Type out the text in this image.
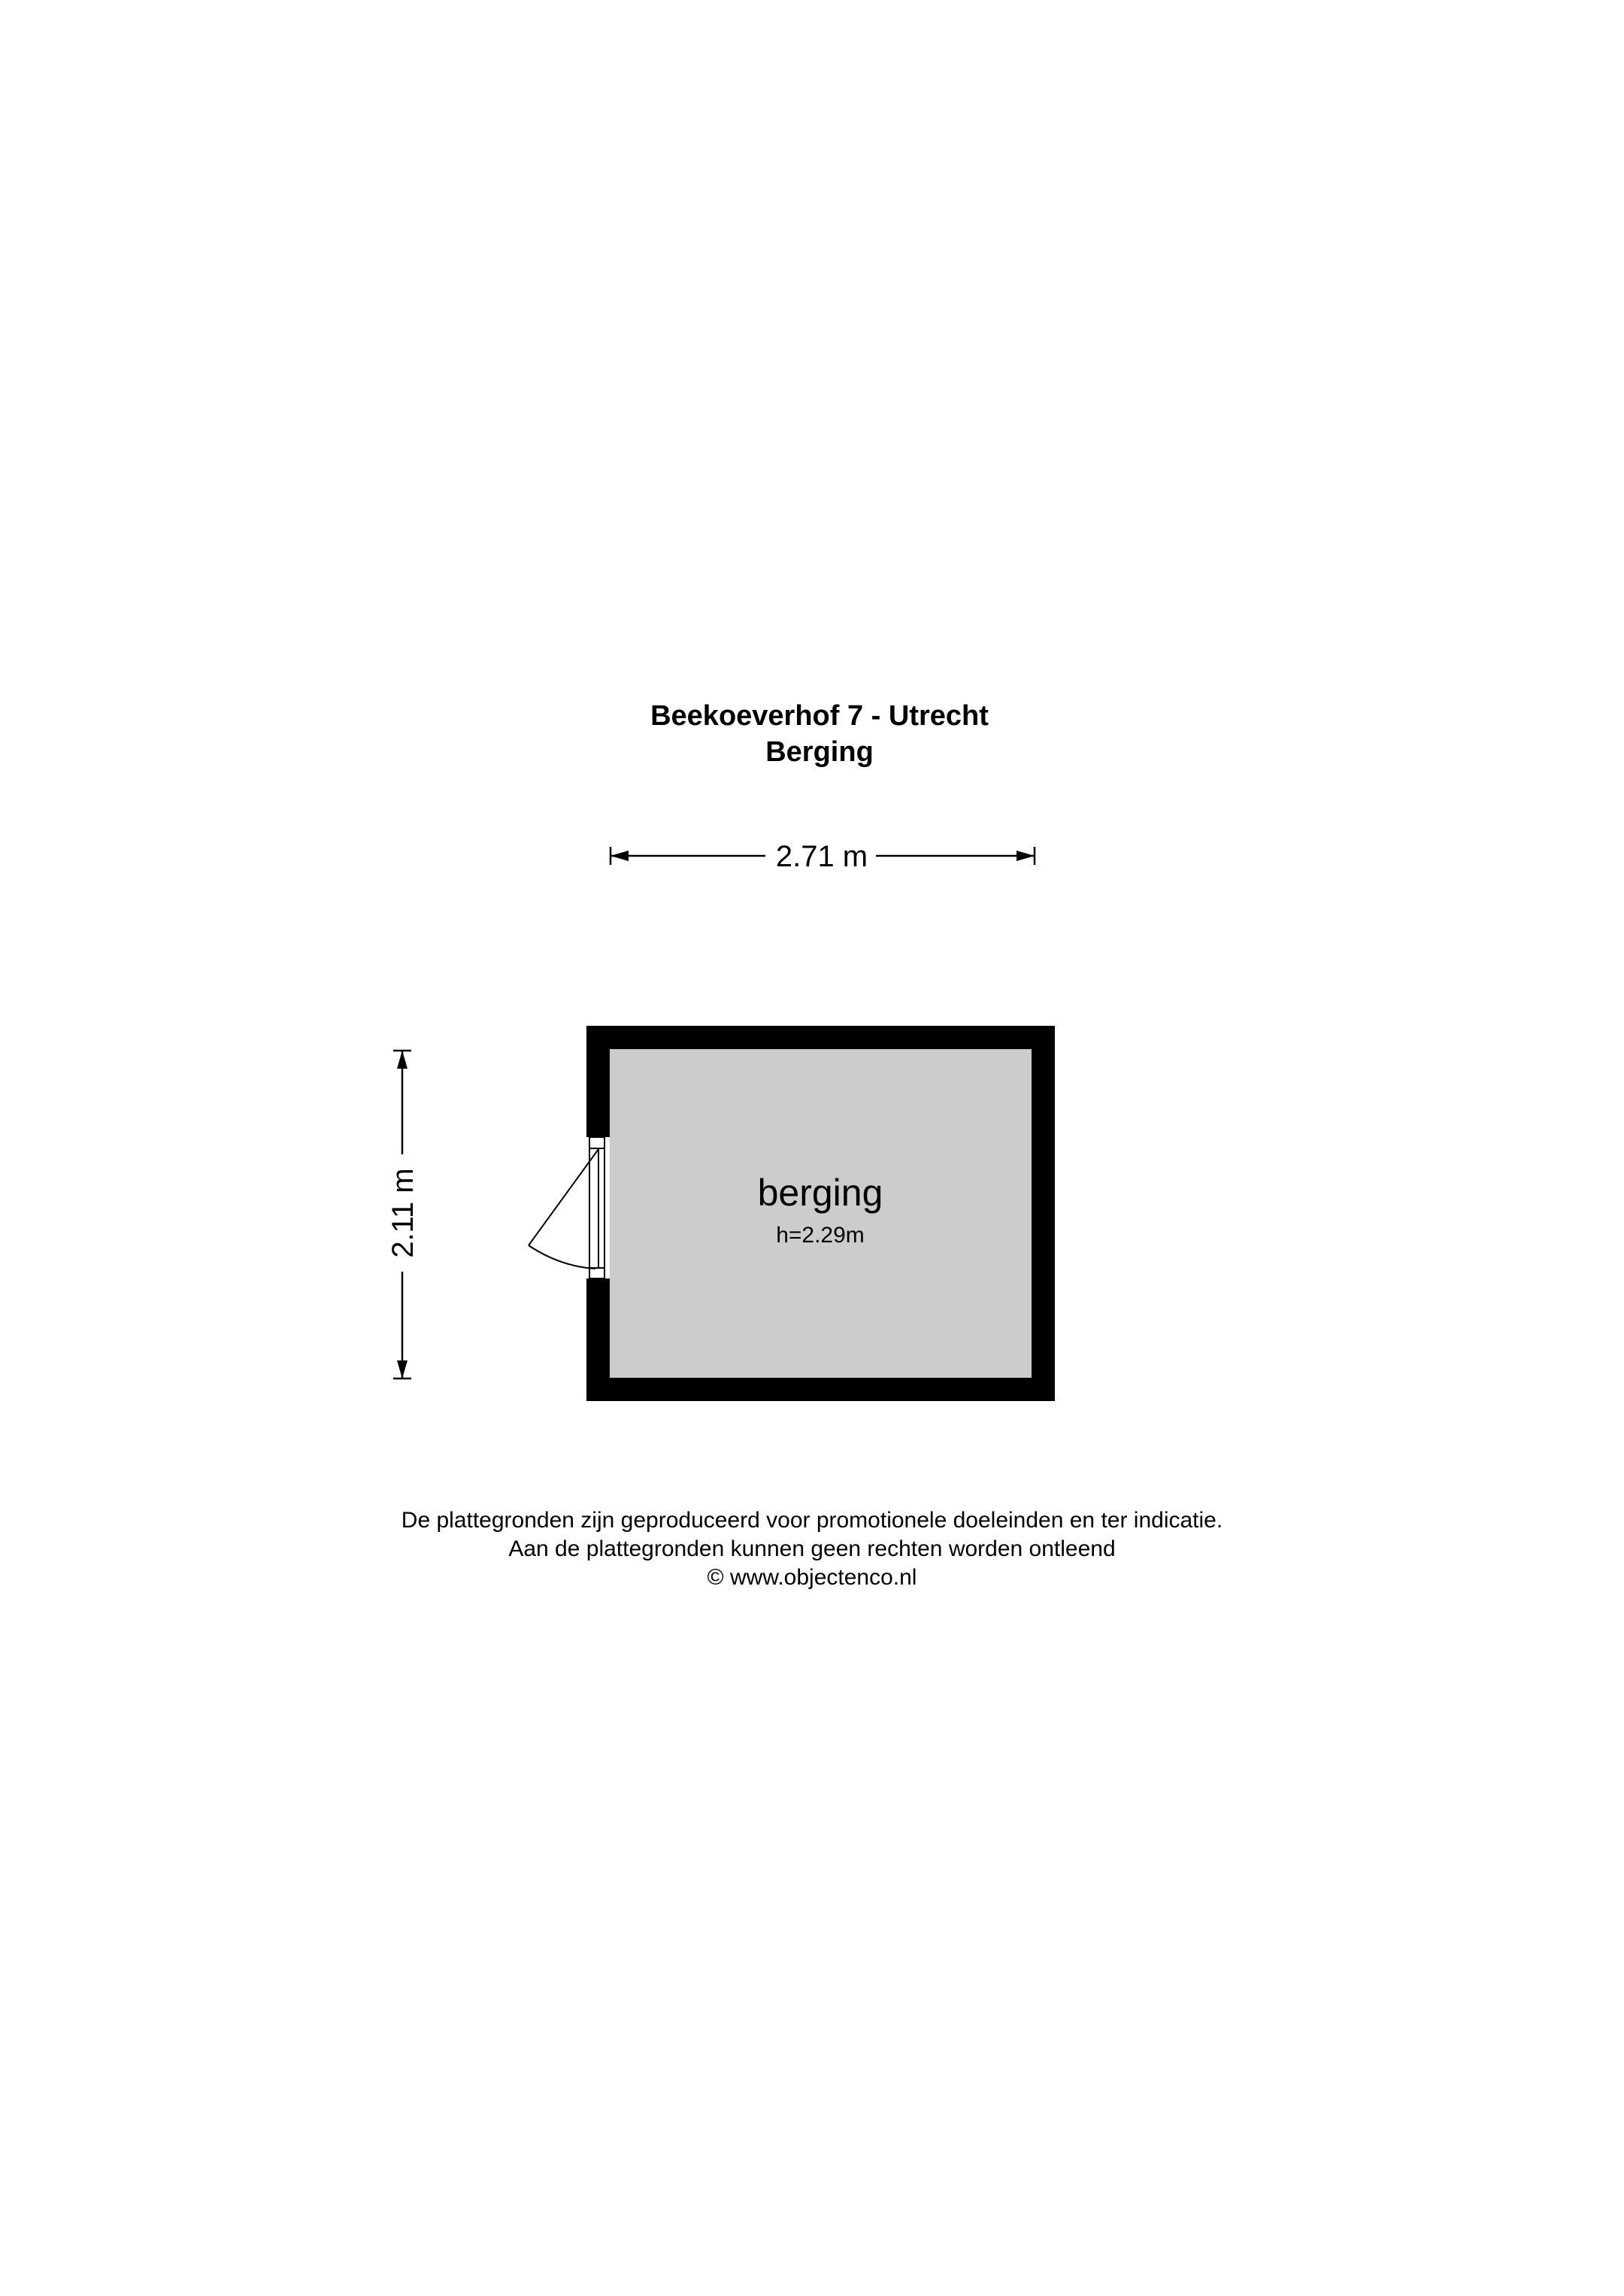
Beekoeverhof 7 - Utrecht
Berging
2.71 m
2.11 m	berging
h=2.29m
De plattegronden zijn geproduceerd voor promotionele doeleinden en ter indicatie.
Aan de plattegronden kunnen geen rechten worden ontleend
© www.objectenco.nl
